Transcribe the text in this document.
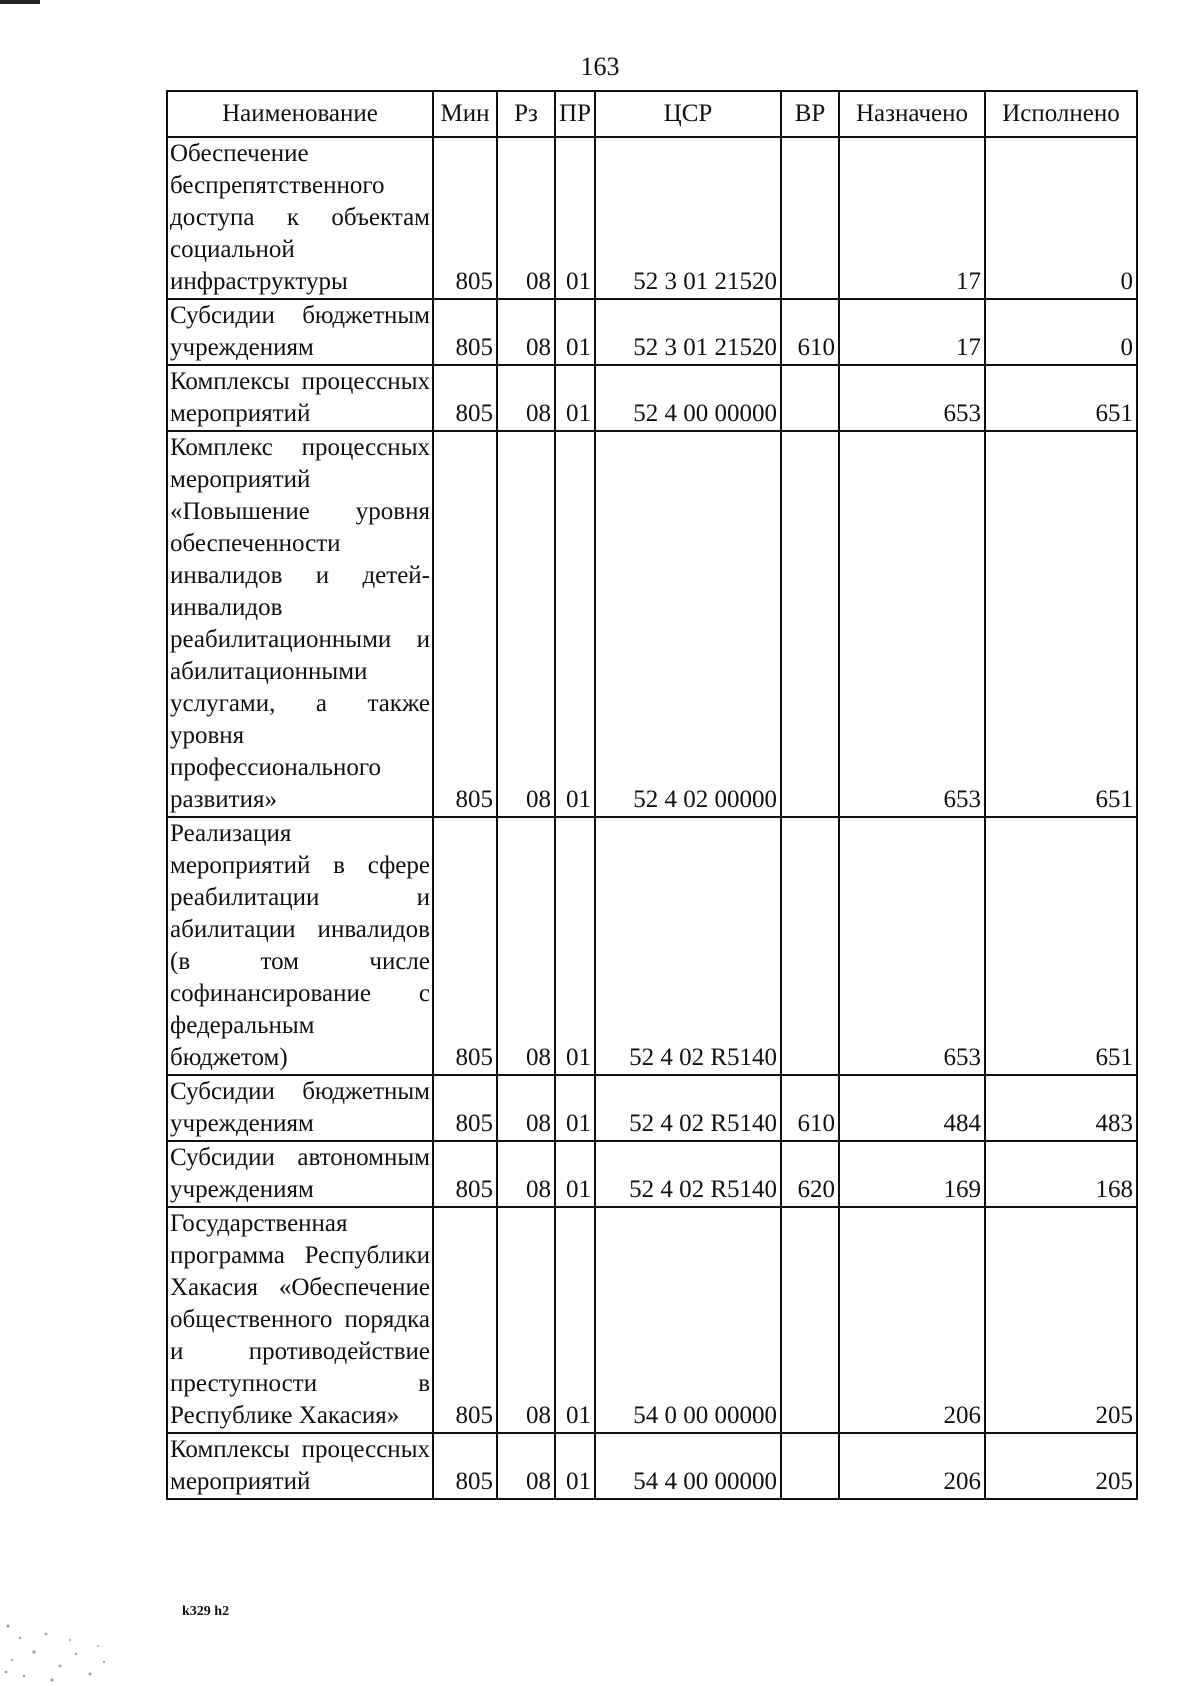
163
Наименование	Мин	Рз	ПР	ЦСР	ВР	Назначено	Исполнено
Обеспечение беспрепятственного доступа к объектам социальной инфраструктуры	805	08	01	52 3 01 21520		17	0
Субсидии бюджетным учреждениям	805	08	01	52 3 01 21520	610	17	0
Комплексы процессных мероприятий	805	08	01	52 4 00 00000		653	651
Комплекс процессных мероприятий «Повышение уровня обеспеченности инвалидов и детей-инвалидов реабилитационными и абилитационными услугами, а также уровня профессионального развития»	805	08	01	52 4 02 00000		653	651
Реализация мероприятий в сфере реабилитации и абилитации инвалидов (в том числе софинансирование с федеральным бюджетом)	805	08	01	52 4 02 R5140		653	651
Субсидии бюджетным учреждениям	805	08	01	52 4 02 R5140	610	484	483
Субсидии автономным учреждениям	805	08	01	52 4 02 R5140	620	169	168
Государственная программа Республики Хакасия «Обеспечение общественного порядка и противодействие преступности в Республике Хакасия»	805	08	01	54 0 00 00000		206	205
Комплексы процессных мероприятий	805	08	01	54 4 00 00000		206	205
k329 h2
